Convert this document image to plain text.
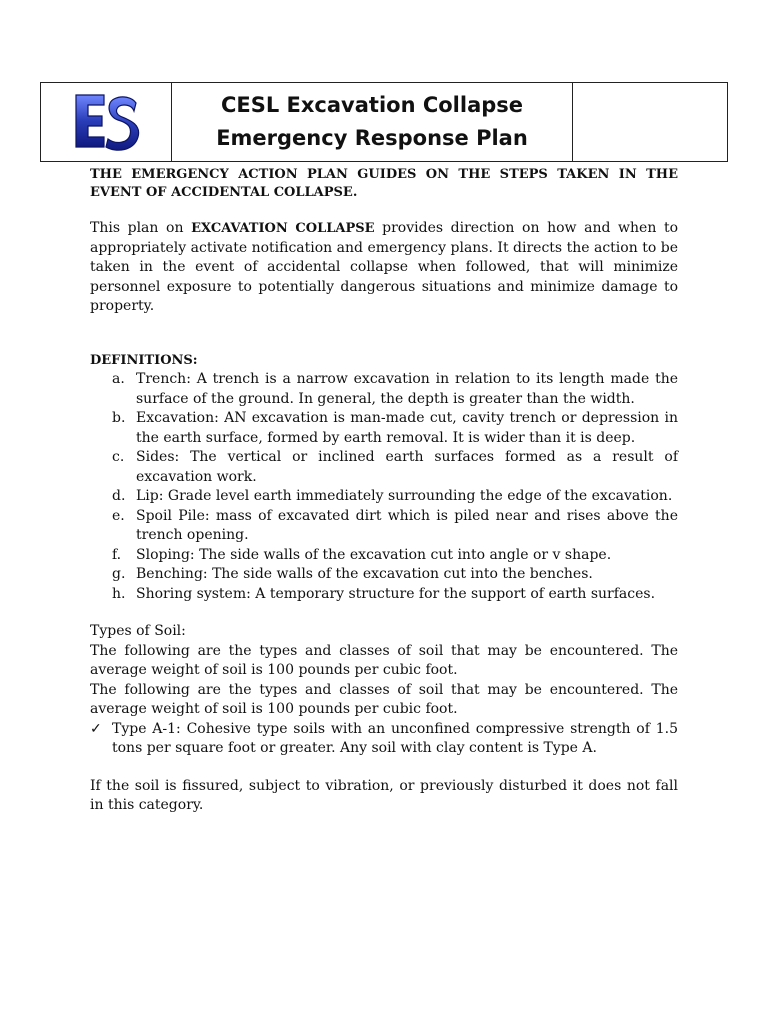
ES
CESL Excavation Collapse
Emergency Response Plan

THE EMERGENCY ACTION PLAN GUIDES ON THE STEPS TAKEN IN THE EVENT OF ACCIDENTAL COLLAPSE.

This plan on EXCAVATION COLLAPSE provides direction on how and when to appropriately activate notification and emergency plans. It directs the action to be taken in the event of accidental collapse when followed, that will minimize personnel exposure to potentially dangerous situations and minimize damage to property.

DEFINITIONS:

a. Trench: A trench is a narrow excavation in relation to its length made the surface of the ground. In general, the depth is greater than the width.
b. Excavation: AN excavation is man-made cut, cavity trench or depression in the earth surface, formed by earth removal. It is wider than it is deep.
c. Sides: The vertical or inclined earth surfaces formed as a result of excavation work.
d. Lip: Grade level earth immediately surrounding the edge of the excavation.
e. Spoil Pile: mass of excavated dirt which is piled near and rises above the trench opening.
f. Sloping: The side walls of the excavation cut into angle or v shape.
g. Benching: The side walls of the excavation cut into the benches.
h. Shoring system: A temporary structure for the support of earth surfaces.

Types of Soil:

The following are the types and classes of soil that may be encountered. The average weight of soil is 100 pounds per cubic foot.

The following are the types and classes of soil that may be encountered. The average weight of soil is 100 pounds per cubic foot.

✓ Type A-1: Cohesive type soils with an unconfined compressive strength of 1.5 tons per square foot or greater. Any soil with clay content is Type A.

If the soil is fissured, subject to vibration, or previously disturbed it does not fall in this category.
